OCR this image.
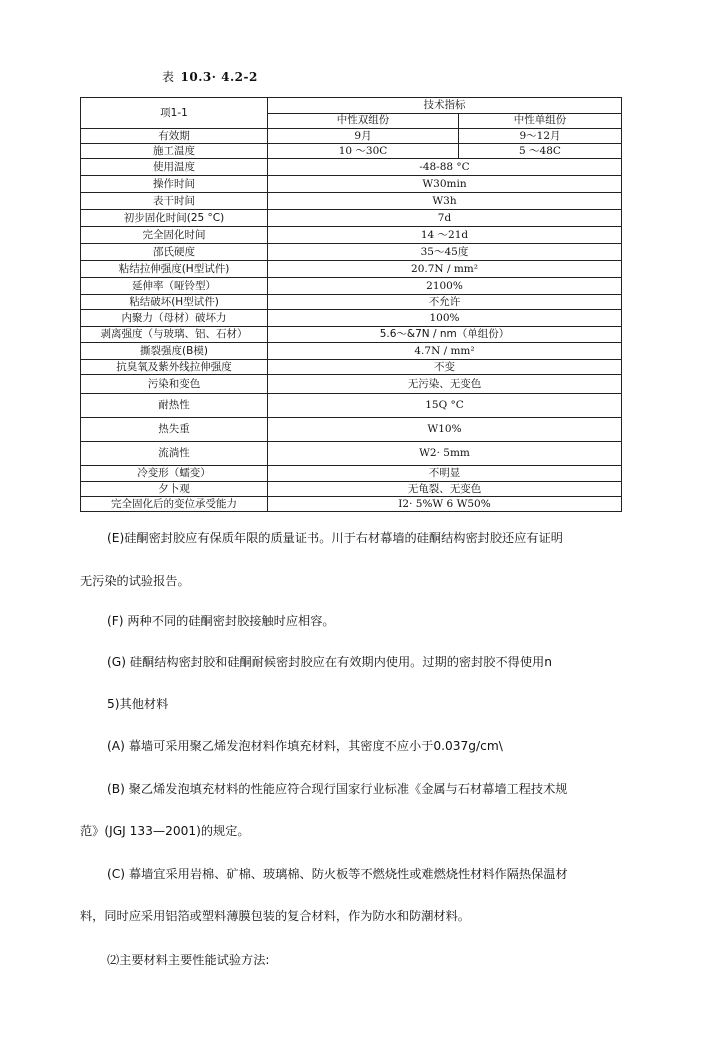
表 10.3· 4.2-2
项1-1	技术指标	
	中性双组份	中性单组份
有效期	9月	9～12月
施工温度	10 ～30C	5 ～48C
使用温度	-48-88 °C	
操作时间	W30min	
表干时间	W3h	
初步固化时间(25 °C)	7d	
完全固化时间	14 ～21d	
邵氏硬度	35～45度	
粘结拉伸强度(H型试件)	20.7N / mm²	
延伸率（哑铃型）	2100%	
粘结破坏(H型试件)	不允许	
内聚力（母材）破坏力	100%	
剥离强度（与玻璃、铝、石材）	5.6～&7N / nm（单组份）	
撕裂强度(B模)	4.7N / mm²	
抗臭氧及紫外线拉伸强度	不变	
污染和变色	无污染、无变色	
耐热性	15Q °C	
热失重	W10%	
流淌性	W2· 5mm	
冷变形（蠕变）	不明显	
夕卜观	无龟裂、无变色	
完全固化后的变位承受能力	I2· 5%W 6 W50%	
(E)硅酮密封胶应有保质年限的质量证书。川于右材幕墙的硅酮结构密封胶还应有证明
无污染的试验报告。
(F) 两种不同的硅酮密封胶接触时应相容。
(G) 硅酮结构密封胶和硅酮耐候密封胶应在有效期内使用。过期的密封胶不得使用n
5)其他材料
(A) 幕墙可采用聚乙烯发泡材料作填充材料，其密度不应小于0.037g/cm\
(B) 聚乙烯发泡填充材料的性能应符合现行国家行业标准《金属与石材幕墙工程技术规
范》(JGJ 133—2001)的规定。
(C) 幕墙宜采用岩棉、矿棉、玻璃棉、防火板等不燃烧性或难燃烧性材料作隔热保温材
料，同时应采用铝箔或塑料薄膜包装的复合材料，作为防水和防潮材料。
⑵主要材料主要性能试验方法:
